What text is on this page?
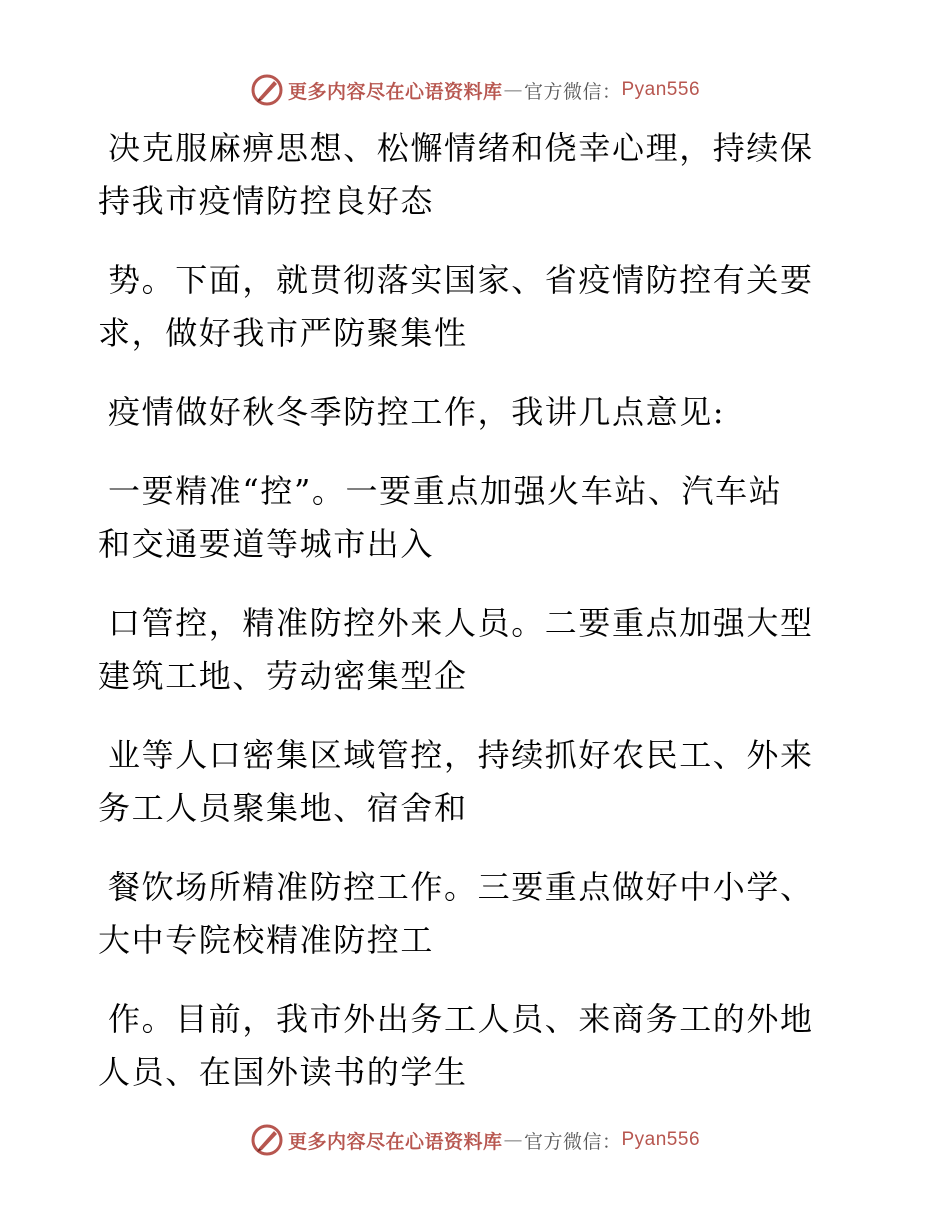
更多内容尽在心语资料库 — 官方微信： Pyan556

决克服麻痹思想、松懈情绪和侥幸心理，持续保
持我市疫情防控良好态

势。下面，就贯彻落实国家、省疫情防控有关要
求，做好我市严防聚集性

疫情做好秋冬季防控工作，我讲几点意见:

一要精准“控”。一要重点加强火车站、汽车站
和交通要道等城市出入

口管控，精准防控外来人员。二要重点加强大型
建筑工地、劳动密集型企

业等人口密集区域管控，持续抓好农民工、外来
务工人员聚集地、宿舍和

餐饮场所精准防控工作。三要重点做好中小学、
大中专院校精准防控工

作。目前，我市外出务工人员、来商务工的外地
人员、在国外读书的学生

更多内容尽在心语资料库 — 官方微信： Pyan556
